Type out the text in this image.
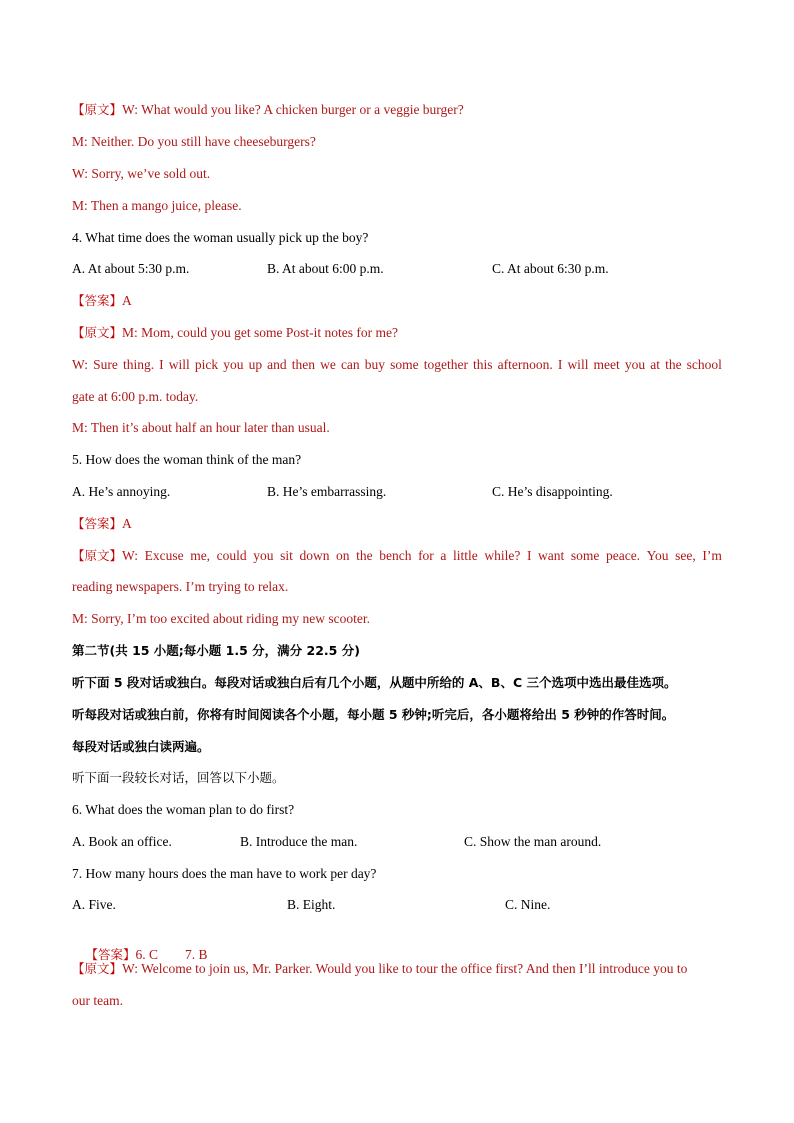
【原文】W: What would you like? A chicken burger or a veggie burger?
M: Neither. Do you still have cheeseburgers?
W: Sorry, we’ve sold out.
M: Then a mango juice, please.
4. What time does the woman usually pick up the boy?
A. At about 5:30 p.m.	B. At about 6:00 p.m.	C. At about 6:30 p.m.
【答案】A
【原文】M: Mom, could you get some Post-it notes for me?
W: Sure thing. I will pick you up and then we can buy some together this afternoon. I will meet you at the school
gate at 6:00 p.m. today.
M: Then it’s about half an hour later than usual.
5. How does the woman think of the man?
A. He’s annoying.	B. He’s embarrassing.	C. He’s disappointing.
【答案】A
【原文】 W: Excuse me, could you sit down on the bench for a little while? I want some peace. You see, I’m
reading newspapers. I’m trying to relax.
M: Sorry, I’m too excited about riding my new scooter.
第二节(共 15 小题;每小题 1.5 分，满分 22.5 分)
听下面 5 段对话或独白。每段对话或独白后有几个小题，从题中所给的 A、B、C 三个选项中选出最佳选项。
听每段对话或独白前，你将有时间阅读各个小题，每小题 5 秒钟;听完后，各小题将给出 5 秒钟的作答时间。
每段对话或独白读两遍。
听下面一段较长对话，回答以下小题。
6. What does the woman plan to do first?
A. Book an office.	B. Introduce the man.	C. Show the man around.
7. How many hours does the man have to work per day?
A. Five.	B. Eight.	C. Nine.

【答案】6. C        7. B

【原文】W: Welcome to join us, Mr. Parker. Would you like to tour the office first? And then I’ll introduce you to
our team.
